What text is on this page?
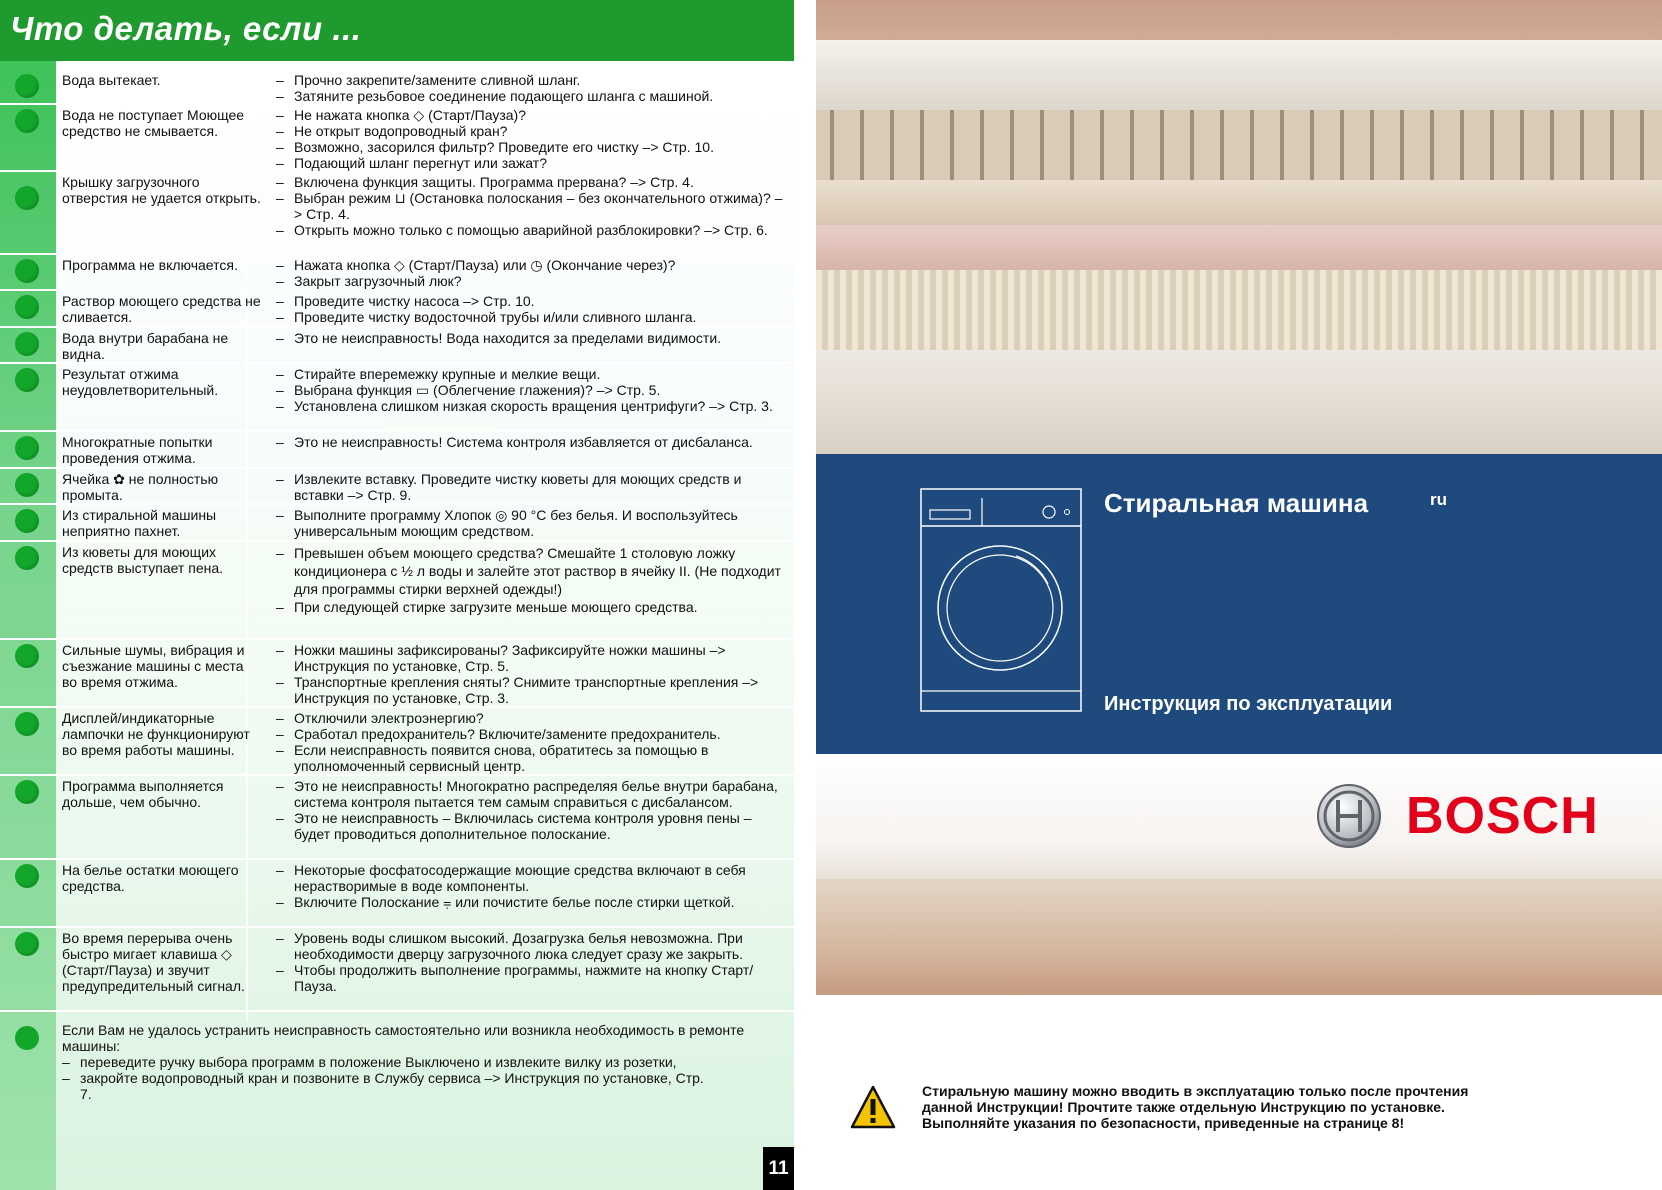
Что делать, если ...
Вода вытекает.	– Прочно закрепите/замените сливной шланг.
– Затяните резьбовое соединение подающего шланга с машиной.
Вода не поступает Моющее средство не смывается.
– Не нажата кнопка ◇ (Старт/Пауза)?
– Не открыт водопроводный кран?
– Возможно, засорился фильтр? Проведите его чистку –> Стр. 10.
– Подающий шланг перегнут или зажат?
Крышку загрузочного отверстия не удается открыть.
– Включена функция защиты. Программа прервана? –> Стр. 4.
– Выбран режим ⊔ (Остановка полоскания – без окончательного отжима)? –> Стр. 4.
– Открыть можно только с помощью аварийной разблокировки? –> Стр. 6.
Программа не включается.	– Нажата кнопка ◇ (Старт/Пауза) или ◷ (Окончание через)?
– Закрыт загрузочный люк?
Раствор моющего средства не сливается.
– Проведите чистку насоса –> Стр. 10.
– Проведите чистку водосточной трубы и/или сливного шланга.
Вода внутри барабана не видна.
– Это не неисправность! Вода находится за пределами видимости.
Результат отжима неудовлетворительный.
– Стирайте вперемежку крупные и мелкие вещи.
– Выбрана функция ▭ (Облегчение глажения)? –> Стр. 5.
– Установлена слишком низкая скорость вращения центрифуги? –> Стр. 3.
Многократные попытки проведения отжима.
– Это не неисправность! Система контроля избавляется от дисбаланса.
Ячейка ✿ не полностью промыта.
– Извлеките вставку. Проведите чистку кюветы для моющих средств и вставки –> Стр. 9.
Из стиральной машины неприятно пахнет.
– Выполните программу Хлопок ◎ 90 °C без белья. И воспользуйтесь универсальным моющим средством.
Из кюветы для моющих средств выступает пена.
– Превышен объем моющего средства? Смешайте 1 столовую ложку кондиционера с ½ л воды и залейте этот раствор в ячейку II. (Не подходит для программы стирки верхней одежды!)
– При следующей стирке загрузите меньше моющего средства.
Сильные шумы, вибрация и съезжание машины с места во время отжима.
– Ножки машины зафиксированы? Зафиксируйте ножки машины –> Инструкция по установке, Стр. 5.
– Транспортные крепления сняты? Снимите транспортные крепления –> Инструкция по установке, Стр. 3.
Дисплей/индикаторные лампочки не функционируют во время работы машины.
– Отключили электроэнергию?
– Сработал предохранитель? Включите/замените предохранитель.
– Если неисправность появится снова, обратитесь за помощью в уполномоченный сервисный центр.
Программа выполняется дольше, чем обычно.
– Это не неисправность! Многократно распределяя белье внутри барабана, система контроля пытается тем самым справиться с дисбалансом.
– Это не неисправность – Включилась система контроля уровня пены – будет проводиться дополнительное полоскание.
На белье остатки моющего средства.
– Некоторые фосфатосодержащие моющие средства включают в себя нерастворимые в воде компоненты.
– Включите Полоскание ⩦ или почистите белье после стирки щеткой.
Во время перерыва очень быстро мигает клавиша ◇ (Старт/Пауза) и звучит предупредительный сигнал.
– Уровень воды слишком высокий. Дозагрузка белья невозможна. При необходимости дверцу загрузочного люка следует сразу же закрыть.
– Чтобы продолжить выполнение программы, нажмите на кнопку Старт/Пауза.
Если Вам не удалось устранить неисправность самостоятельно или возникла необходимость в ремонте машины:
– переведите ручку выбора программ в положение Выключено и извлеките вилку из розетки,
– закройте водопроводный кран и позвоните в Службу сервиса –> Инструкция по установке, Стр. 7.
11
Стиральная машина	ru
Инструкция по эксплуатации
BOSCH
Стиральную машину можно вводить в эксплуатацию только после прочтения данной Инструкции! Прочтите также отдельную Инструкцию по установке. Выполняйте указания по безопасности, приведенные на странице 8!
